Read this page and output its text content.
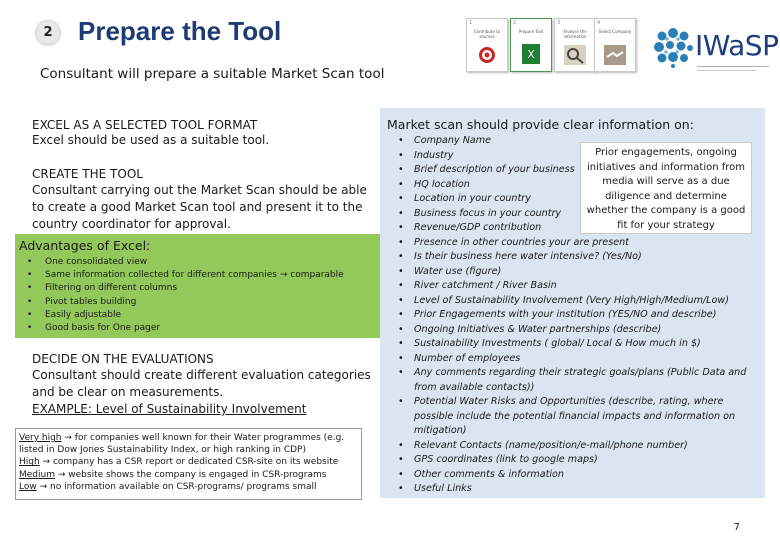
2 Prepare the Tool
Consultant will prepare a suitable Market Scan tool
1
Contribute to sources
2
Prepare Tool
X
3
Analyse the information
4
Select Company IWaSP
EXCEL AS A SELECTED TOOL FORMAT
Excel should be used as a suitable tool.
CREATE THE TOOL
Consultant carrying out the Market Scan should be able to create a good Market Scan tool and present it to the country coordinator for approval.
Advantages of Excel:
• One consolidated view
• Same information collected for different companies → comparable
• Filtering on different columns
• Pivot tables building
• Easily adjustable
• Good basis for One pager
DECIDE ON THE EVALUATIONS
Consultant should create different evaluation categories and be clear on measurements.
EXAMPLE: Level of Sustainability Involvement
Very high → for companies well known for their Water programmes (e.g.
listed in Dow Jones Sustainability Index, or high ranking in CDP)
High → company has a CSR report or dedicated CSR-site on its website
Medium → website shows the company is engaged in CSR-programs
Low → no information available on CSR-programs/ programs small
Market scan should provide clear information on:
• Company Name
• Industry
• Brief description of your business
• HQ location
• Location in your country
• Business focus in your country
• Revenue/GDP contribution
• Presence in other countries your are present
• Is their business here water intensive? (Yes/No)
• Water use (figure)
• River catchment / River Basin
• Level of Sustainability Involvement (Very High/High/Medium/Low)
• Prior Engagements with your institution (YES/NO and describe)
• Ongoing Initiatives & Water partnerships (describe)
• Sustainability Investments ( global/ Local & How much in $)
• Number of employees
• Any comments regarding their strategic goals/plans (Public Data and
from available contacts))
• Potential Water Risks and Opportunities (describe, rating, where
possible include the potential financial impacts and information on
mitigation)
• Relevant Contacts (name/position/e-mail/phone number)
• GPS coordinates (link to google maps)
• Other comments & information
• Useful Links
Prior engagements, ongoing initiatives and information from media will serve as a due diligence and determine whether the company is a good fit for your strategy
7
